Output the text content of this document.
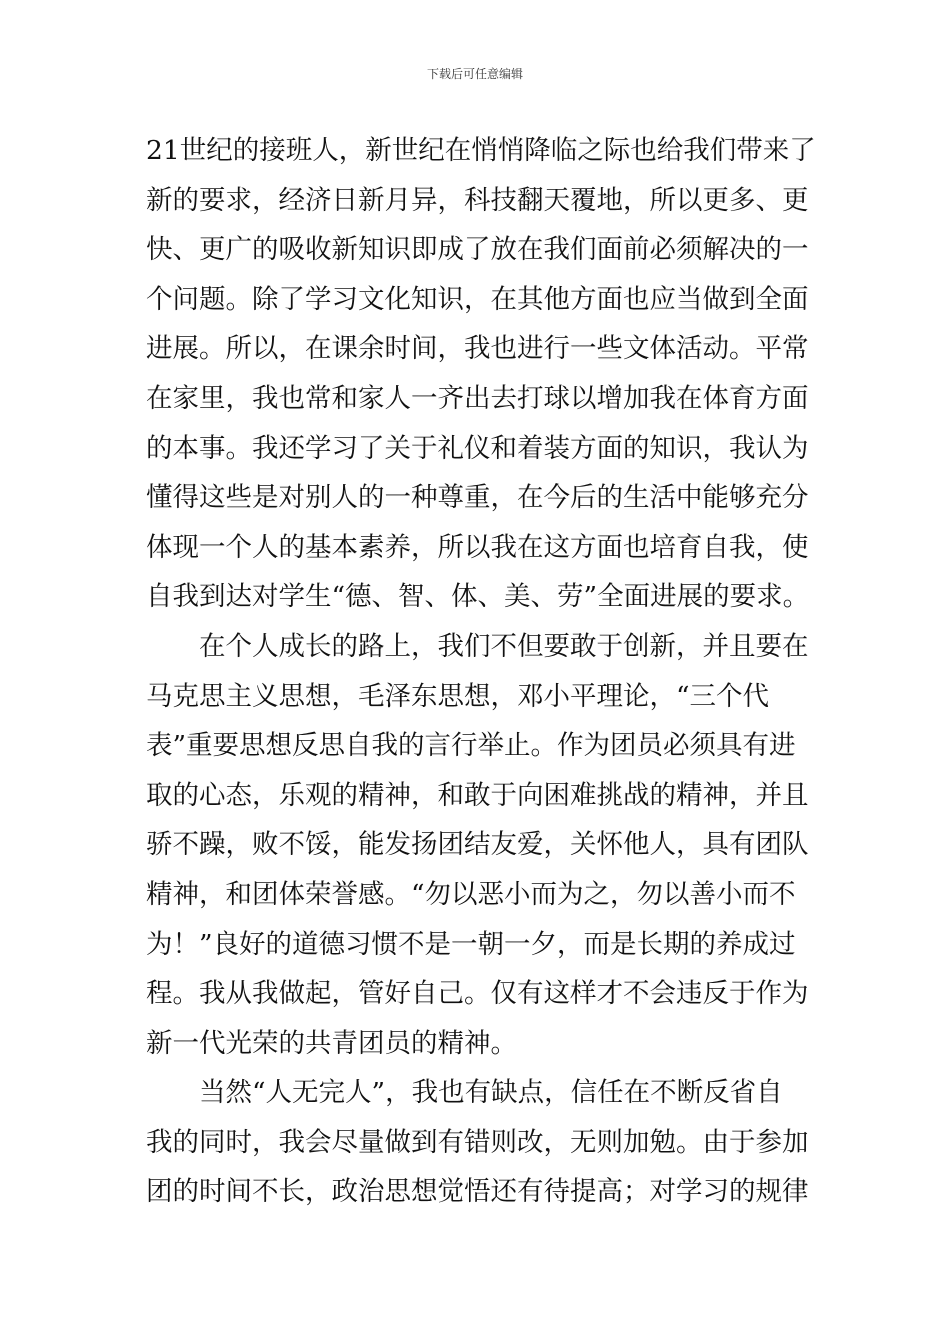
下载后可任意编辑
21世纪的接班人，新世纪在悄悄降临之际也给我们带来了
新的要求，经济日新月异，科技翻天覆地，所以更多、更
快、更广的吸收新知识即成了放在我们面前必须解决的一
个问题。除了学习文化知识，在其他方面也应当做到全面
进展。所以，在课余时间，我也进行一些文体活动。平常
在家里，我也常和家人一齐出去打球以增加我在体育方面
的本事。我还学习了关于礼仪和着装方面的知识，我认为
懂得这些是对别人的一种尊重，在今后的生活中能够充分
体现一个人的基本素养，所以我在这方面也培育自我，使
自我到达对学生“德、智、体、美、劳”全面进展的要求。
　　在个人成长的路上，我们不但要敢于创新，并且要在
马克思主义思想，毛泽东思想，邓小平理论，“三个代
表”重要思想反思自我的言行举止。作为团员必须具有进
取的心态，乐观的精神，和敢于向困难挑战的精神，并且
骄不躁，败不馁，能发扬团结友爱，关怀他人，具有团队
精神，和团体荣誉感。“勿以恶小而为之，勿以善小而不
为！”良好的道德习惯不是一朝一夕，而是长期的养成过
程。我从我做起，管好自己。仅有这样才不会违反于作为
新一代光荣的共青团员的精神。
　　当然“人无完人”，我也有缺点，信任在不断反省自
我的同时，我会尽量做到有错则改，无则加勉。由于参加
团的时间不长，政治思想觉悟还有待提高；对学习的规律
